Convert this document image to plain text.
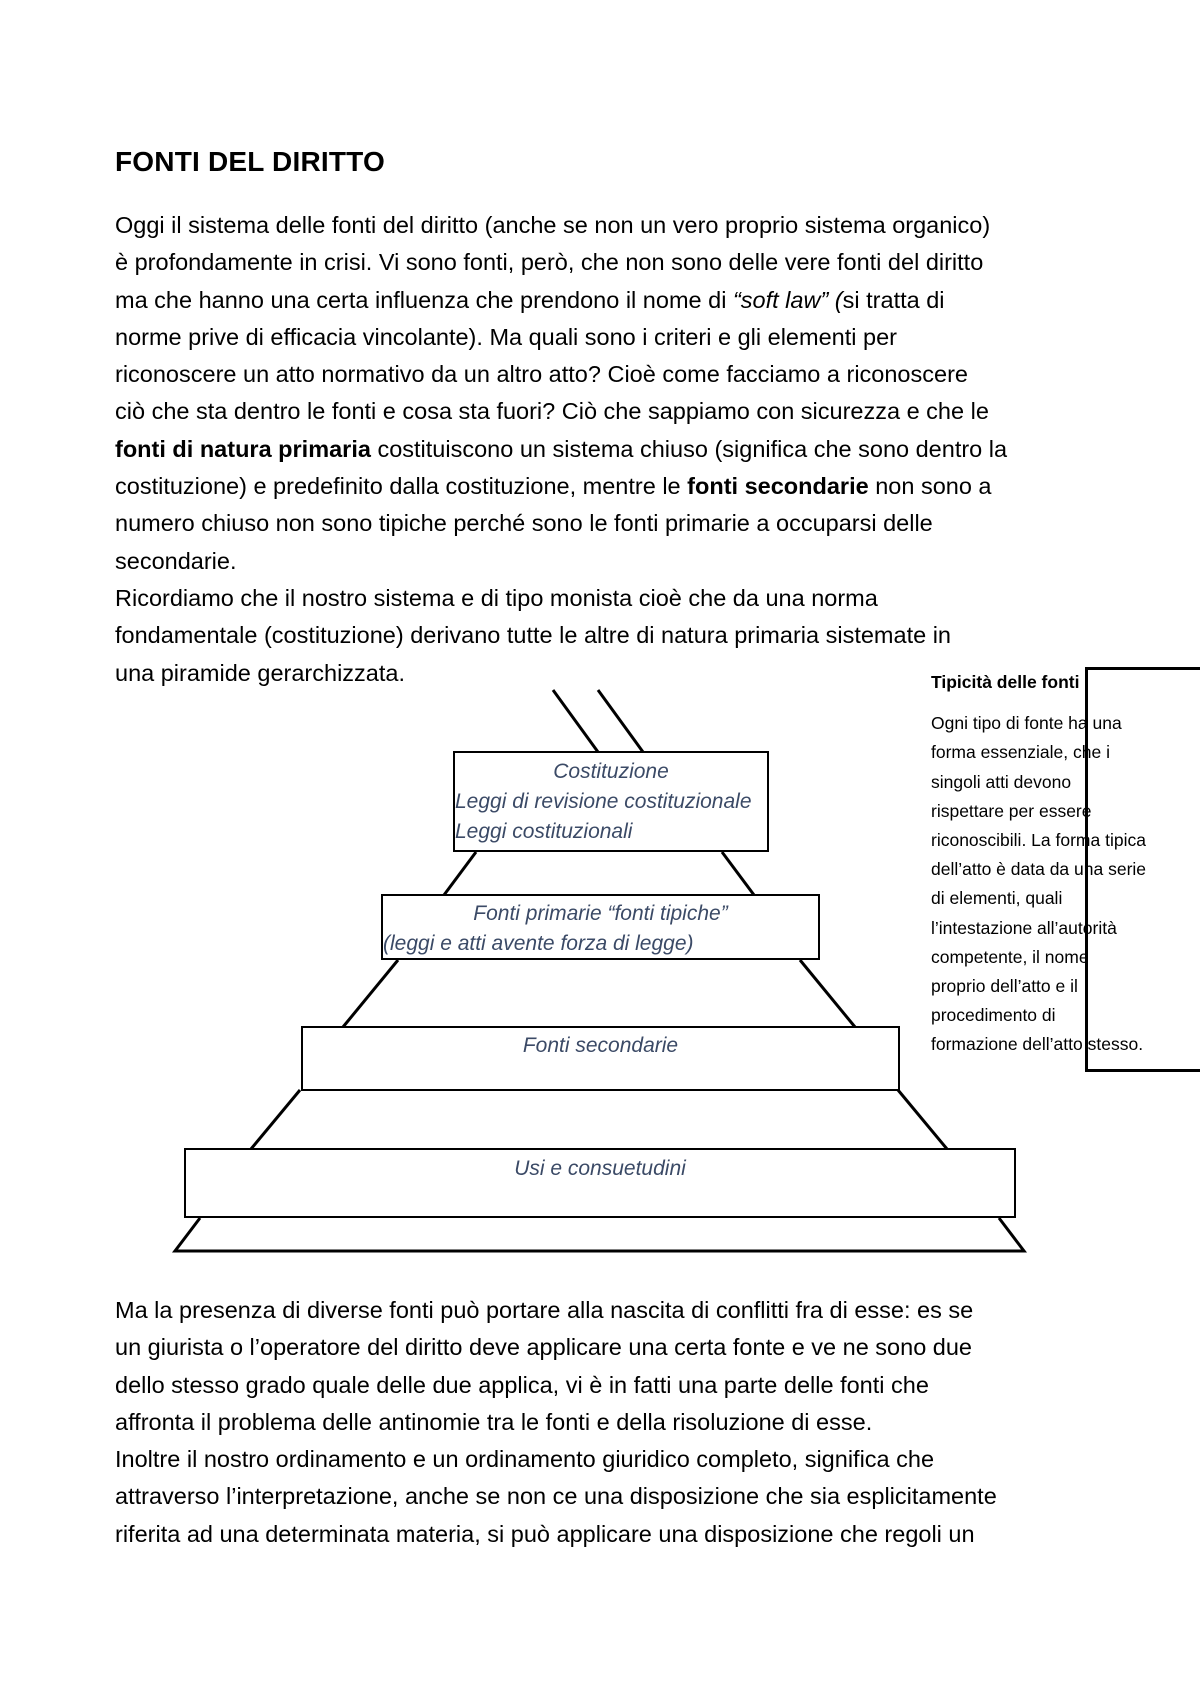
FONTI DEL DIRITTO
Oggi il sistema delle fonti del diritto (anche se non un vero proprio sistema organico)
è profondamente in crisi. Vi sono fonti, però, che non sono delle vere fonti del diritto
ma che hanno una certa influenza che prendono il nome di “soft law” (si tratta di
norme prive di efficacia vincolante). Ma quali sono i criteri e gli elementi per
riconoscere un atto normativo da un altro atto? Cioè come facciamo a riconoscere
ciò che sta dentro le fonti e cosa sta fuori? Ciò che sappiamo con sicurezza e che le
fonti di natura primaria costituiscono un sistema chiuso (significa che sono dentro la
costituzione) e predefinito dalla costituzione, mentre le fonti secondarie non sono a
numero chiuso non sono tipiche perché sono le fonti primarie a occuparsi delle
secondarie.
Ricordiamo che il nostro sistema e di tipo monista cioè che da una norma
fondamentale (costituzione) derivano tutte le altre di natura primaria sistemate in
una piramide gerarchizzata.
Costituzione
Leggi di revisione costituzionale
Leggi costituzionali
Fonti primarie “fonti tipiche”
(leggi e atti avente forza di legge)
Fonti secondarie
Usi e consuetudini
Tipicità delle fonti
Ogni tipo di fonte ha una
forma essenziale, che i
singoli atti devono
rispettare per essere
riconoscibili. La forma tipica
dell’atto è data da una serie
di elementi, quali
l’intestazione all’autorità
competente, il nome
proprio dell’atto e il
procedimento di
formazione dell’atto stesso.
Ma la presenza di diverse fonti può portare alla nascita di conflitti fra di esse: es se
un giurista o l’operatore del diritto deve applicare una certa fonte e ve ne sono due
dello stesso grado quale delle due applica, vi è in fatti una parte delle fonti che
affronta il problema delle antinomie tra le fonti e della risoluzione di esse.
Inoltre il nostro ordinamento e un ordinamento giuridico completo, significa che
attraverso l’interpretazione, anche se non ce una disposizione che sia esplicitamente
riferita ad una determinata materia, si può applicare una disposizione che regoli un
